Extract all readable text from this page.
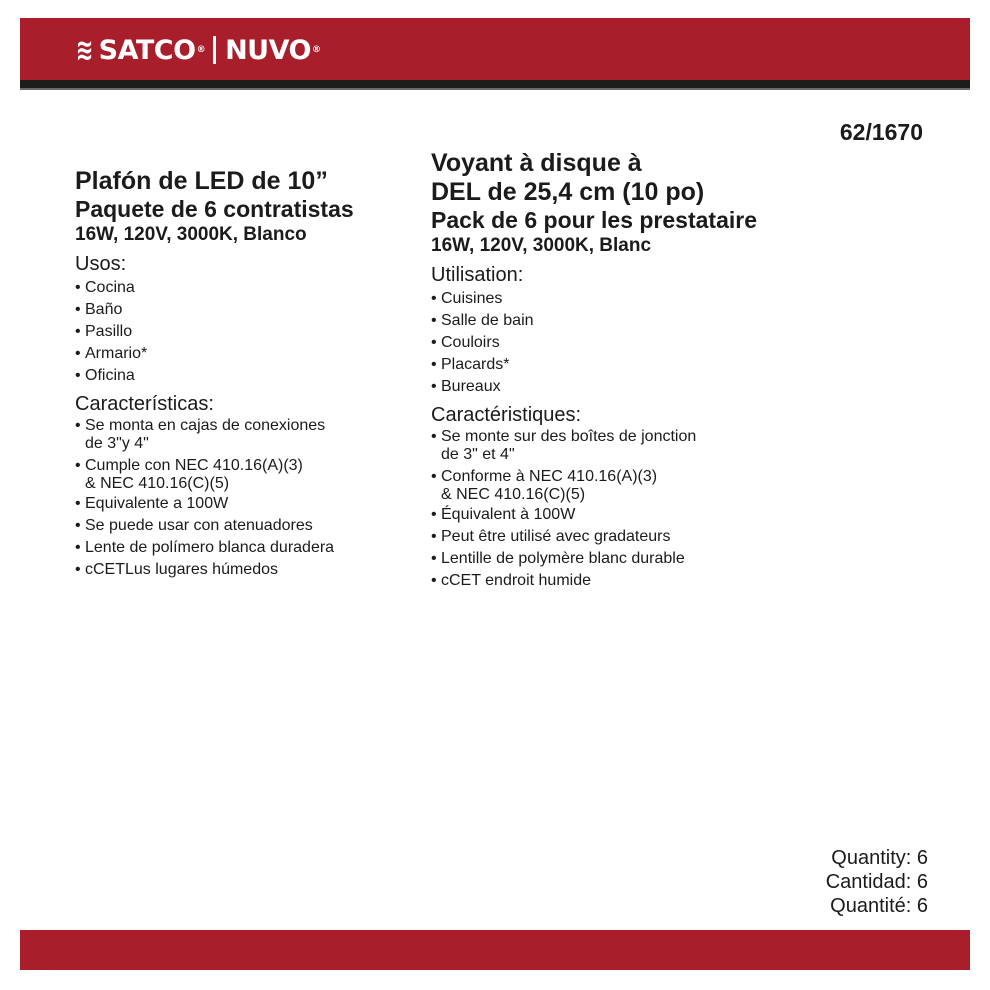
≋ SATCO ® NUVO ®
62/1670
Plafón de LED de 10”
Paquete de 6 contratistas
16W, 120V, 3000K, Blanco
Usos:
• Cocina
• Baño
• Pasillo
• Armario*
• Oficina
Características:
• Se monta en cajas de conexiones
de 3"y 4"
• Cumple con NEC 410.16(A)(3)
& NEC 410.16(C)(5)
• Equivalente a 100W
• Se puede usar con atenuadores
• Lente de polímero blanca duradera
• cCETLus lugares húmedos
Voyant à disque à
DEL de 25,4 cm (10 po)
Pack de 6 pour les prestataire
16W, 120V, 3000K, Blanc
Utilisation:
• Cuisines
• Salle de bain
• Couloirs
• Placards*
• Bureaux
Caractéristiques:
• Se monte sur des boîtes de jonction
de 3" et 4"
• Conforme à NEC 410.16(A)(3)
& NEC 410.16(C)(5)
• Équivalent à 100W
• Peut être utilisé avec gradateurs
• Lentille de polymère blanc durable
• cCET endroit humide
Quantity: 6
Cantidad: 6
Quantité: 6
